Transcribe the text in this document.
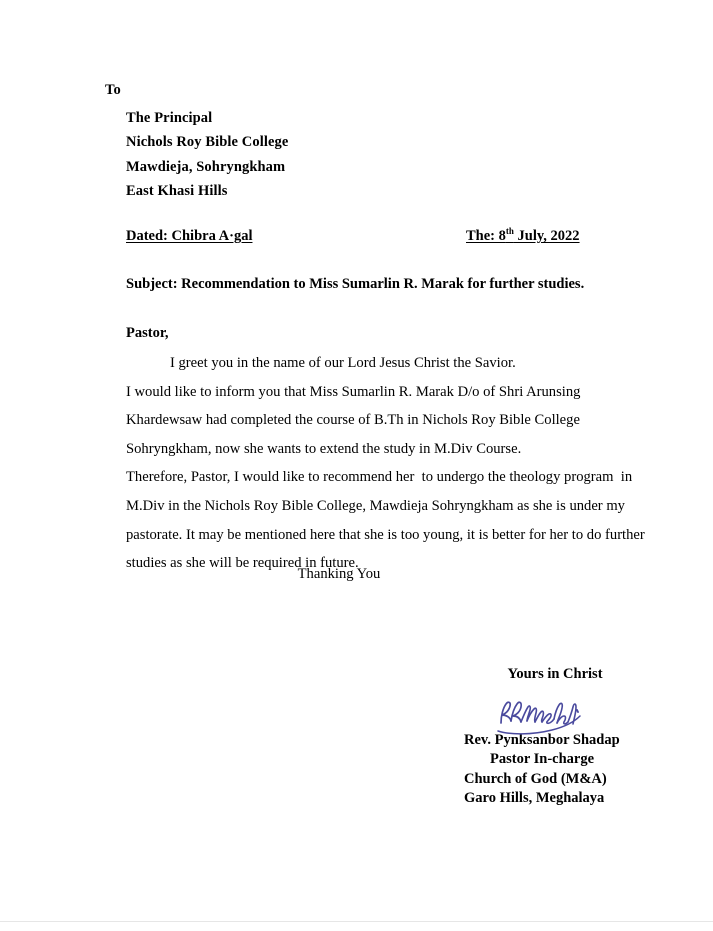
To
The Principal
Nichols Roy Bible College
Mawdieja, Sohryngkham
East Khasi Hills
Dated: Chibra A·gal	The: 8th July, 2022
Subject: Recommendation to Miss Sumarlin R. Marak for further studies.
Pastor,
I greet you in the name of our Lord Jesus Christ the Savior.
I would like to inform you that Miss Sumarlin R. Marak D/o of Shri Arunsing Khardewsaw had completed the course of B.Th in Nichols Roy Bible College Sohryngkham, now she wants to extend the study in M.Div Course.
Therefore, Pastor, I would like to recommend her  to undergo the theology program  in M.Div in the Nichols Roy Bible College, Mawdieja Sohryngkham as she is under my pastorate. It may be mentioned here that she is too young, it is better for her to do further studies as she will be required in future.
Thanking You
Yours in Christ
Rev. Pynksanbor Shadap
Pastor In-charge
Church of God (M&A)
Garo Hills, Meghalaya
